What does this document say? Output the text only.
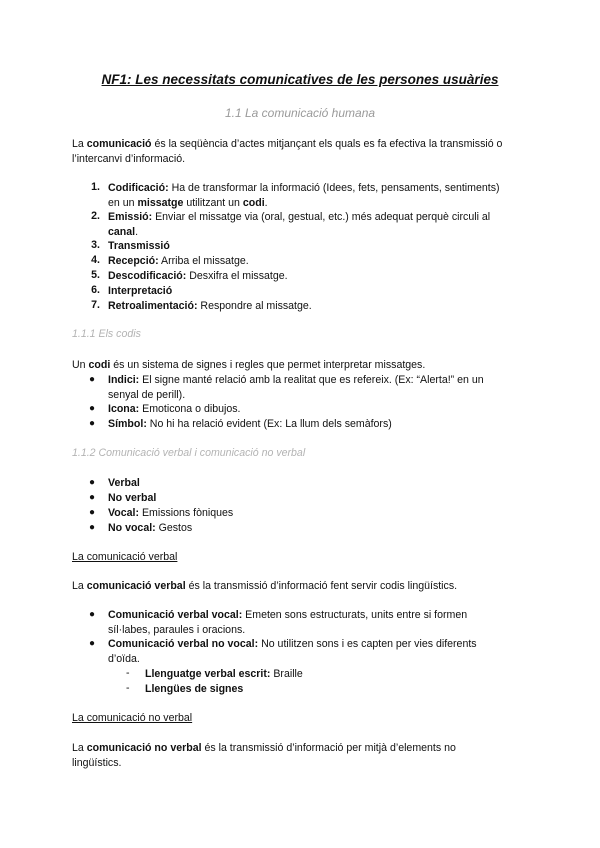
NF1: Les necessitats comunicatives de les persones usuàries
1.1 La comunicació humana
La comunicació és la seqüència d’actes mitjançant els quals es fa efectiva la transmissió o
l’intercanvi d’informació.
1. Codificació: Ha de transformar la informació (Idees, fets, pensaments, sentiments)
en un missatge utilitzant un codi.
2. Emissió: Enviar el missatge via (oral, gestual, etc.) més adequat perquè circuli al
canal.
3. Transmissió
4. Recepció: Arriba el missatge.
5. Descodificació: Desxifra el missatge.
6. Interpretació
7. Retroalimentació: Respondre al missatge.
1.1.1 Els codis
Un codi és un sistema de signes i regles que permet interpretar missatges.
● Indici: El signe manté relació amb la realitat que es refereix. (Ex: “Alerta!” en un
senyal de perill).
● Icona: Emoticona o dibujos.
● Símbol: No hi ha relació evident (Ex: La llum dels semàfors)
1.1.2 Comunicació verbal i comunicació no verbal
● Verbal
● No verbal
● Vocal: Emissions fòniques
● No vocal: Gestos
La comunicació verbal
La comunicació verbal és la transmissió d’informació fent servir codis lingüístics.
● Comunicació verbal vocal: Emeten sons estructurats, units entre si formen
síl·labes, paraules i oracions.
● Comunicació verbal no vocal: No utilitzen sons i es capten per vies diferents
d’oïda.
- Llenguatge verbal escrit: Braille
- Llengües de signes
La comunicació no verbal
La comunicació no verbal és la transmissió d’informació per mitjà d’elements no
lingüístics.
